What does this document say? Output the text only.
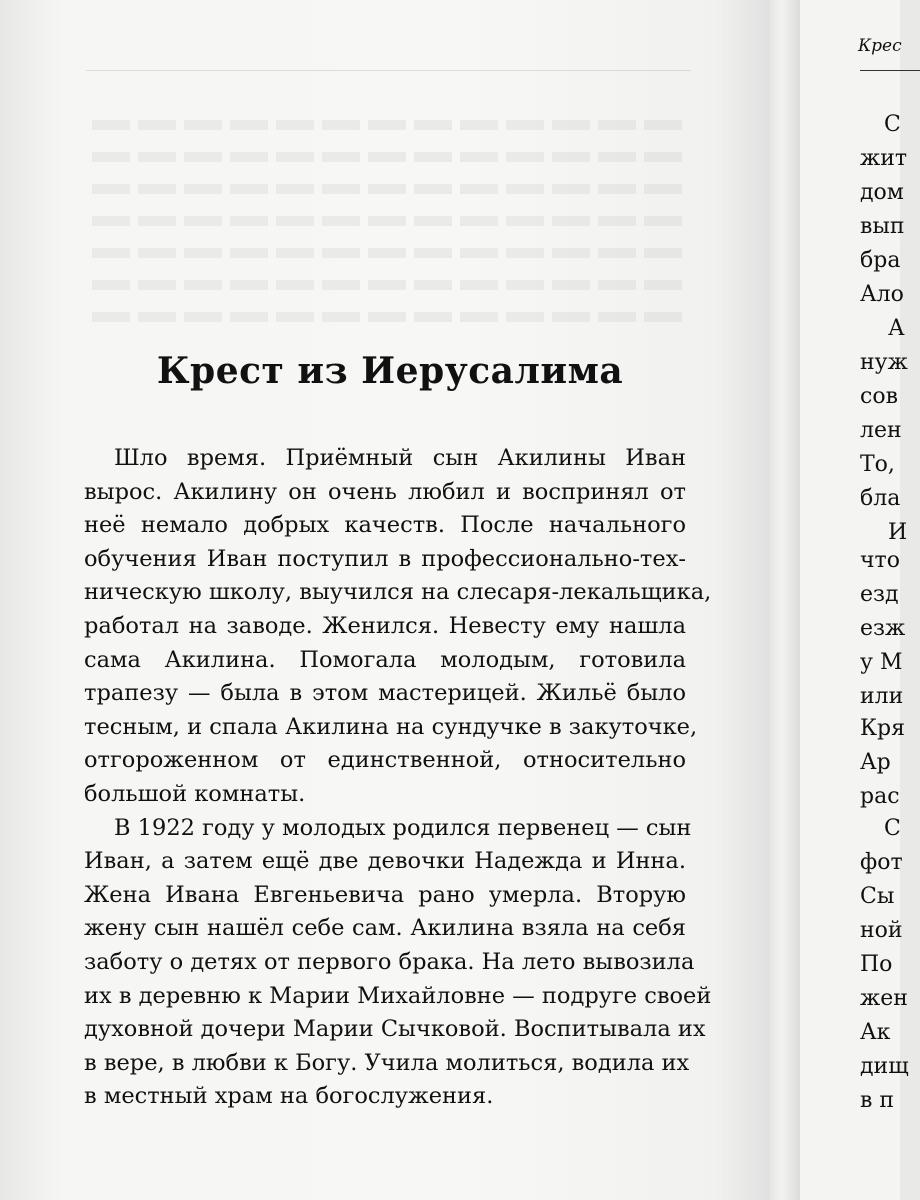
Крест из Иерусалима
Шло время. Приёмный сын Акилины Иван
вырос. Акилину он очень любил и воспринял от
неё немало добрых качеств. После начального
обучения Иван поступил в профессионально-тех-
ническую школу, выучился на слесаря-лекальщика,
работал на заводе. Женился. Невесту ему нашла
сама Акилина. Помогала молодым, готовила
трапезу — была в этом мастерицей. Жильё было
тесным, и спала Акилина на сундучке в закуточке,
отгороженном от единственной, относительно
большой комнаты.
В 1922 году у молодых родился первенец — сын
Иван, а затем ещё две девочки Надежда и Инна.
Жена Ивана Евгеньевича рано умерла. Вторую
жену сын нашёл себе сам. Акилина взяла на себя
заботу о детях от первого брака. На лето вывозила
их в деревню к Марии Михайловне — подруге своей
духовной дочери Марии Сычковой. Воспитывала их
в вере, в любви к Богу. Учила молиться, водила их
в местный храм на богослужения.
Крес
С
жит
дом
вып
бра
Ало
А
нуж
сов
лен
То,
бла
И
что
езд
езж
у М
или
Кря
Ар
рас
С
фот
Сы
ной
По
жен
Ак
дищ
в п
